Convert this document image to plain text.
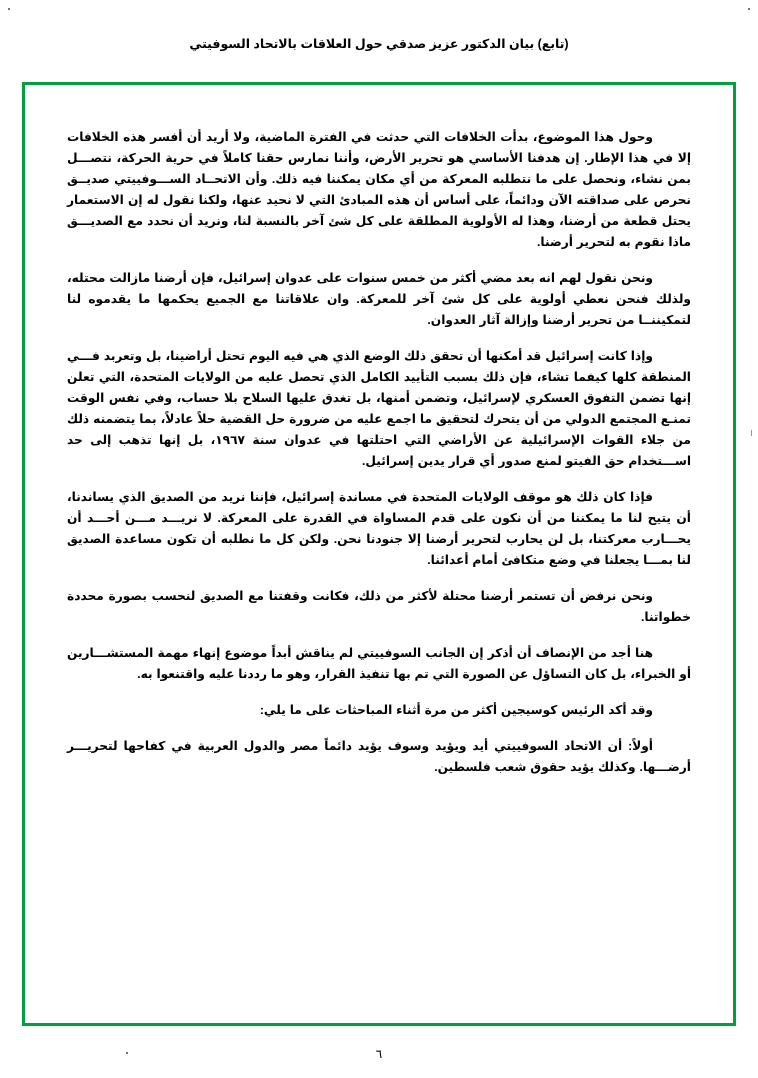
(تابع) بيان الدكتور عزيز صدقي حول العلاقات بالاتحاد السوفيتي

وحول هذا الموضوع، بدأت الخلافات التي حدثت في الفترة الماضية، ولا أريد أن أفسر هذه الخلافات إلا في هذا الإطار. إن هدفنا الأساسي هو تحرير الأرض، وأننا نمارس حقنا كاملاً في حرية الحركة، نتصـــل بمن نشاء، ونحصل على ما نتطلبه المعركة من أي مكان يمكننا فيه ذلك. وأن الاتحــاد الســـوفييتي صديــق نحرص على صداقته الآن ودائماً، على أساس أن هذه المبادئ التي لا نحيد عنها، ولكنا نقول له إن الاستعمار يحتل قطعة من أرضنا، وهذا له الأولوية المطلقة على كل شئ آخر بالنسبة لنا، ونريد أن نحدد مع الصديـــق ماذا نقوم به لتحرير أرضنا.

ونحن نقول لهم انه بعد مضي أكثر من خمس سنوات على عدوان إسرائيل، فإن أرضنا مازالت محتله، ولذلك فنحن نعطي أولوية على كل شئ آخر للمعركة. وان علاقاتنا مع الجميع يحكمها ما يقدموه لنا لتمكيننــا من تحرير أرضنا وإزالة آثار العدوان.

وإذا كانت إسرائيل قد أمكنها أن تحقق ذلك الوضع الذي هي فيه اليوم تحتل أراضينا، بل وتعربد فـــي المنطقة كلها كيفما تشاء، فإن ذلك بسبب التأييد الكامل الذي تحصل عليه من الولايات المتحدة، التي تعلن إنها تضمن التفوق العسكري لإسرائيل، وتضمن أمنها، بل تغدق عليها السلاح بلا حساب، وفي نفس الوقت تمنـع المجتمع الدولي من أن يتحرك لتحقيق ما اجمع عليه من ضرورة حل القضية حلاً عادلاً، بما يتضمنه ذلك من جلاء القوات الإسرائيلية عن الأراضي التي احتلتها في عدوان سنة ١٩٦٧، بل إنها تذهب إلى حد اســـتخدام حق الفيتو لمنع صدور أي قرار يدين إسرائيل.

فإذا كان ذلك هو موقف الولايات المتحدة في مساندة إسرائيل، فإننا نريد من الصديق الذي يساندنا، أن يتيح لنا ما يمكننا من أن نكون على قدم المساواة في القدرة على المعركة. لا نريـــد مـــن أحـــد أن يحـــارب معركتنا، بل لن يحارب لتحرير أرضنا إلا جنودنا نحن. ولكن كل ما نطلبه أن تكون مساعدة الصديق لنا بمـــا يجعلنا في وضع متكافئ أمام أعدائنا.

ونحن نرفض أن تستمر أرضنا محتلة لأكثر من ذلك، فكانت وقفتنا مع الصديق لنحسب بصورة محددة خطواتنا.

هنا أجد من الإنصاف أن أذكر إن الجانب السوفييتي لم يناقش أبداً موضوع إنهاء مهمة المستشـــارين أو الخبراء، بل كان التساؤل عن الصورة التي تم بها تنفيذ القرار، وهو ما رددنا عليه واقتنعوا به.

وقد أكد الرئيس كوسيجين أكثر من مرة أثناء المباحثات على ما يلي:

أولاً: أن الاتحاد السوفييتي أيد ويؤيد وسوف يؤيد دائماً مصر والدول العربية في كفاحها لتحريـــر أرضـــها. وكذلك يؤيد حقوق شعب فلسطين.

٦
